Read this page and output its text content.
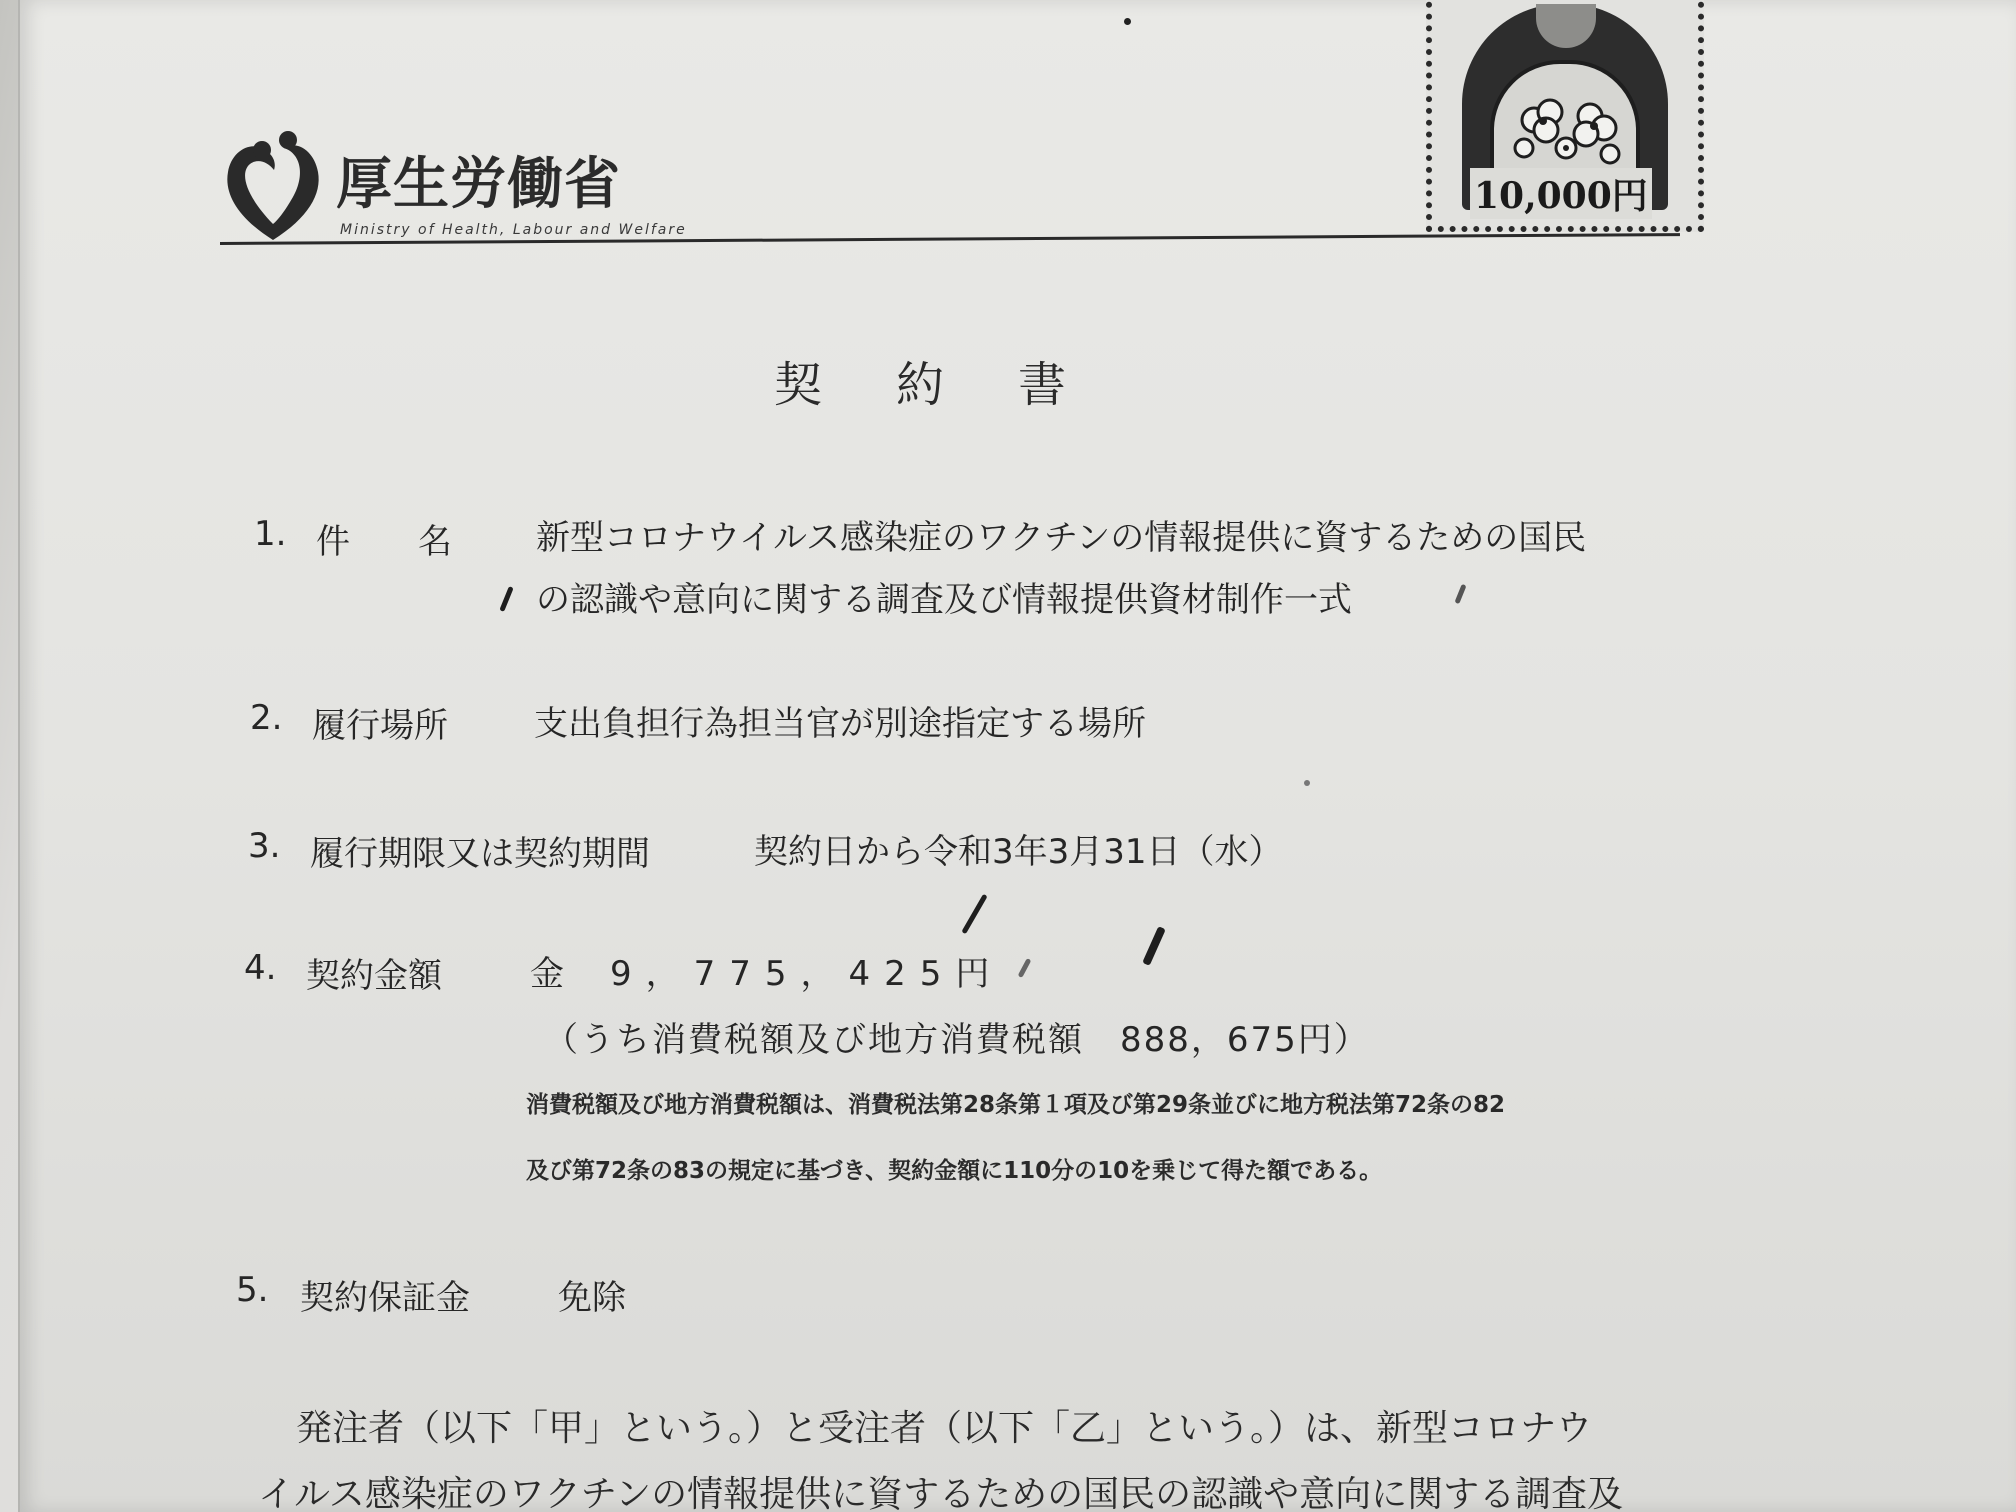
厚生労働省
Ministry of Health, Labour and Welfare
10,000円
契約書
1. 件　　名 新型コロナウイルス感染症のワクチンの情報提供に資するための国民
の認識や意向に関する調査及び情報提供資材制作一式
2. 履行場所	支出負担行為担当官が別途指定する場所
3. 履行期限又は契約期間	契約日から令和3年3月31日（水）
4. 契約金額	金 9，775，425円
（うち消費税額及び地方消費税額　888，675円）
消費税額及び地方消費税額は、消費税法第28条第１項及び第29条並びに地方税法第72条の82
及び第72条の83の規定に基づき、契約金額に110分の10を乗じて得た額である。
5. 契約保証金	免除
発注者（以下「甲」という。）と受注者（以下「乙」という。）は、新型コロナウ
イルス感染症のワクチンの情報提供に資するための国民の認識や意向に関する調査及
